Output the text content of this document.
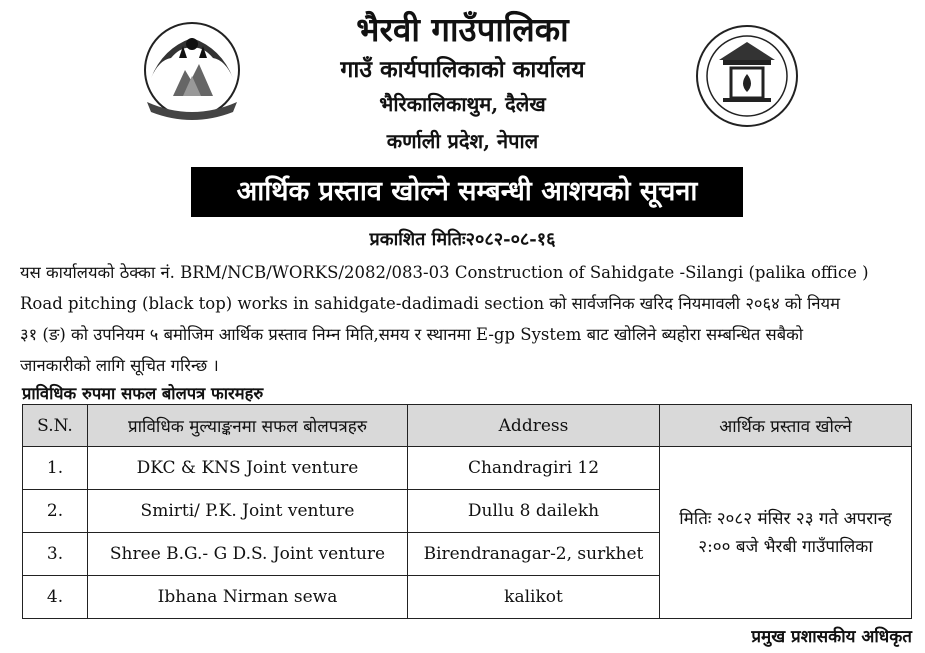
भैरवी गाउँपालिका
गाउँ कार्यपालिकाको कार्यालय
भैरिकालिकाथुम, दैलेख
कर्णाली प्रदेश, नेपाल
आर्थिक प्रस्ताव खोल्ने सम्बन्धी आशयको सूचना
प्रकाशित मितिः२०८२-०८-१६
यस कार्यालयको ठेक्का नं. BRM/NCB/WORKS/2082/083-03 Construction of Sahidgate -Silangi (palika office )
Road pitching (black top) works in sahidgate-dadimadi section को सार्वजनिक खरिद नियमावली २०६४ को नियम
३१ (ङ) को उपनियम ५ बमोजिम आर्थिक प्रस्ताव निम्न मिति,समय र स्थानमा E-gp System बाट खोलिने ब्यहोरा सम्बन्धित सबैको
जानकारीको लागि सूचित गरिन्छ ।
प्राविधिक रुपमा सफल बोलपत्र फारमहरु
S.N.	प्राविधिक मुल्याङ्कनमा सफल बोलपत्रहरु	Address	आर्थिक प्रस्ताव खोल्ने
1.	DKC & KNS Joint venture	Chandragiri 12	मितिः २०८२ मंसिर २३ गते अपरान्ह २:०० बजे भैरबी गाउँपालिका
2.	Smirti/ P.K. Joint venture	Dullu 8 dailekh	
3.	Shree B.G.- G D.S. Joint venture	Birendranagar-2, surkhet	
4.	Ibhana Nirman sewa	kalikot	
प्रमुख प्रशासकीय अधिकृत
